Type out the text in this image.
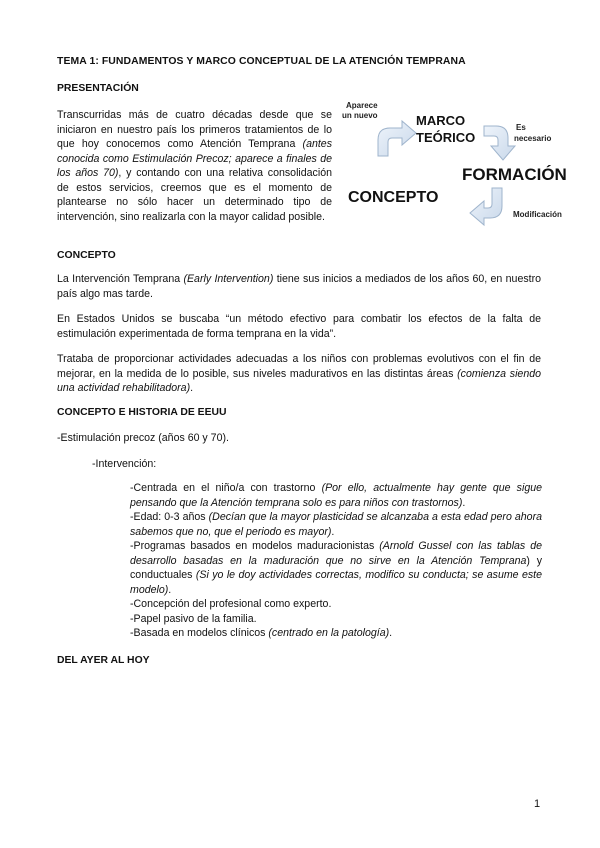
TEMA 1: FUNDAMENTOS Y MARCO CONCEPTUAL DE LA ATENCIÓN TEMPRANA
PRESENTACIÓN
Transcurridas más de cuatro décadas desde que se iniciaron en nuestro país los primeros tratamientos de lo que hoy conocemos como Atención Temprana (antes conocida como Estimulación Precoz; aparece a finales de los años 70), y contando con una relativa consolidación de estos servicios, creemos que es el momento de plantearse no sólo hacer un determinado tipo de intervención, sino realizarla con la mayor calidad posible.
Aparece
un nuevo	MARCO
TEÓRICO
Es
necesario
FORMACIÓN
CONCEPTO
Modificación
CONCEPTO
La Intervención Temprana (Early Intervention) tiene sus inicios a mediados de los años 60, en nuestro país algo mas tarde.
En Estados Unidos se buscaba “un método efectivo para combatir los efectos de la falta de estimulación experimentada de forma temprana en la vida”.
Trataba de proporcionar actividades adecuadas a los niños con problemas evolutivos con el fin de mejorar, en la medida de lo posible, sus niveles madurativos en las distintas áreas (comienza siendo una actividad rehabilitadora).
CONCEPTO E HISTORIA DE EEUU
-Estimulación precoz (años 60 y 70).
-Intervención:
-Centrada en el niño/a con trastorno (Por ello, actualmente hay gente que sigue pensando que la Atención temprana solo es para niños con trastornos).
-Edad: 0-3 años (Decían que la mayor plasticidad se alcanzaba a esta edad pero ahora sabemos que no, que el periodo es mayor).
-Programas basados en modelos maduracionistas (Arnold Gussel con las tablas de desarrollo basadas en la maduración que no sirve en la Atención Temprana) y conductuales (Si yo le doy actividades correctas, modifico su conducta; se asume este modelo).
-Concepción del profesional como experto.
-Papel pasivo de la familia.
-Basada en modelos clínicos (centrado en la patología).
DEL AYER AL HOY
1
